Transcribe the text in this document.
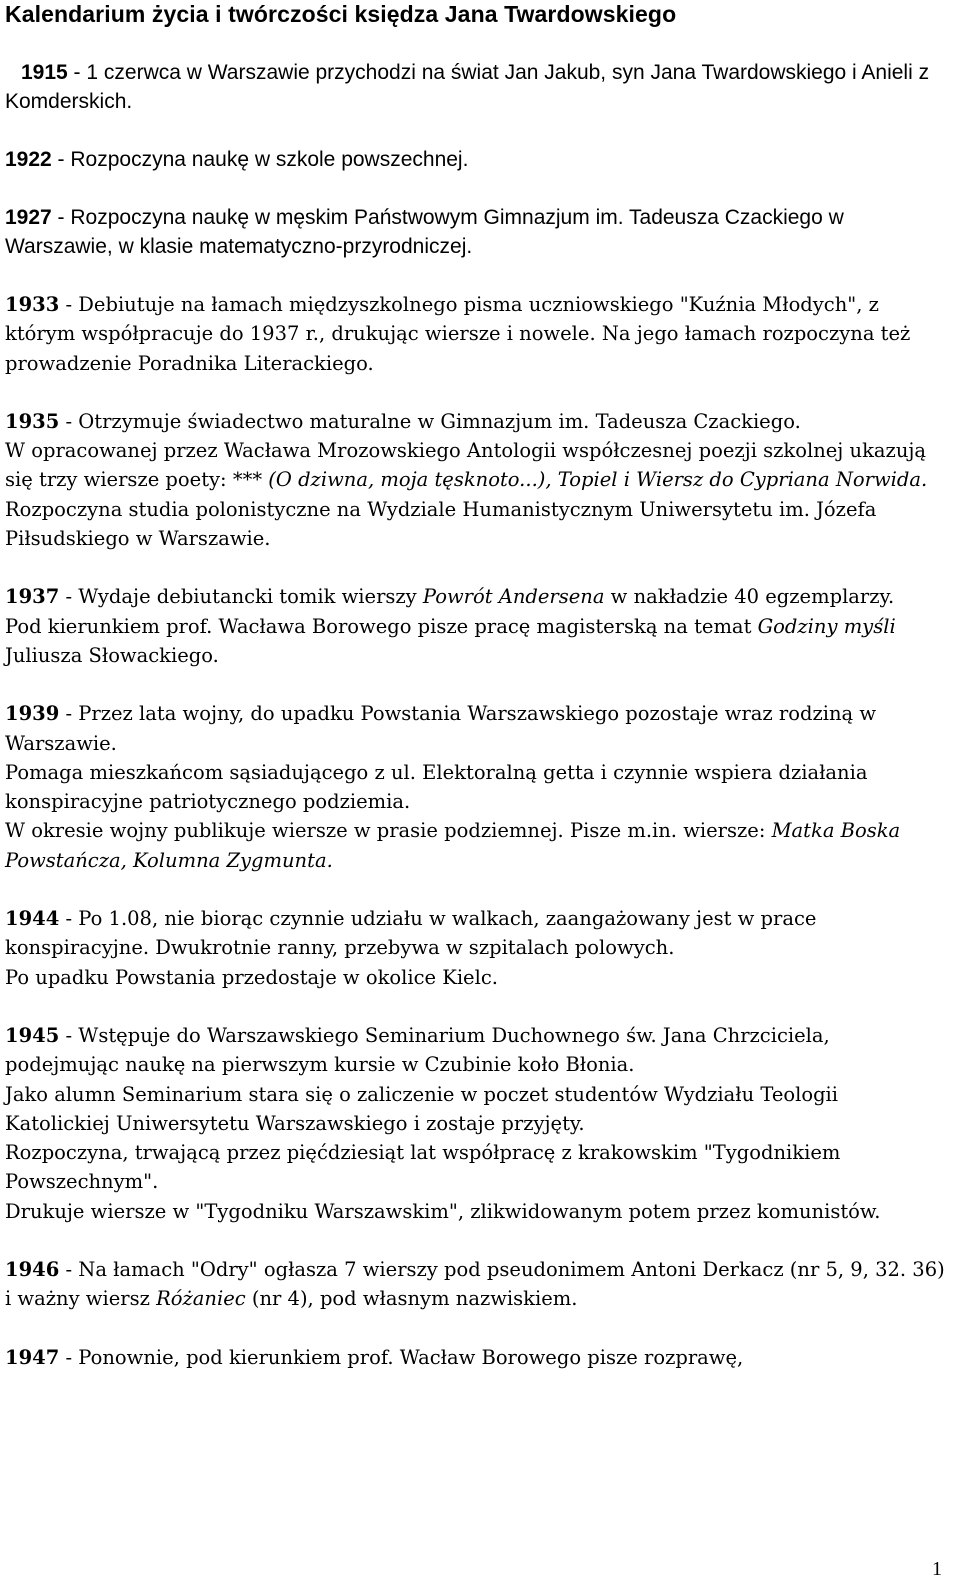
Kalendarium życia i twórczości księdza Jana Twardowskiego

1915 - 1 czerwca w Warszawie przychodzi na świat Jan Jakub, syn Jana Twardowskiego i Anieli z Komderskich.

1922 - Rozpoczyna naukę w szkole powszechnej.

1927 - Rozpoczyna naukę w męskim Państwowym Gimnazjum im. Tadeusza Czackiego w Warszawie, w klasie matematyczno-przyrodniczej.

1933 - Debiutuje na łamach międzyszkolnego pisma uczniowskiego "Kuźnia Młodych", z którym współpracuje do 1937 r., drukując wiersze i nowele. Na jego łamach rozpoczyna też prowadzenie Poradnika Literackiego.

1935 - Otrzymuje świadectwo maturalne w Gimnazjum im. Tadeusza Czackiego.

W opracowanej przez Wacława Mrozowskiego Antologii współczesnej poezji szkolnej ukazują się trzy wiersze poety: *** (O dziwna, moja tęsknoto...), Topiel i Wiersz do Cypriana Norwida.

Rozpoczyna studia polonistyczne na Wydziale Humanistycznym Uniwersytetu im. Józefa Piłsudskiego w Warszawie.

1937 - Wydaje debiutancki tomik wierszy Powrót Andersena w nakładzie 40 egzemplarzy.

Pod kierunkiem prof. Wacława Borowego pisze pracę magisterską na temat Godziny myśli Juliusza Słowackiego.

1939 - Przez lata wojny, do upadku Powstania Warszawskiego pozostaje wraz rodziną w Warszawie.

Pomaga mieszkańcom sąsiadującego z ul. Elektoralną getta i czynnie wspiera działania konspiracyjne patriotycznego podziemia.

W okresie wojny publikuje wiersze w prasie podziemnej. Pisze m.in. wiersze: Matka Boska Powstańcza, Kolumna Zygmunta.

1944 - Po 1.08, nie biorąc czynnie udziału w walkach, zaangażowany jest w prace konspiracyjne. Dwukrotnie ranny, przebywa w szpitalach polowych.

Po upadku Powstania przedostaje w okolice Kielc.

1945 - Wstępuje do Warszawskiego Seminarium Duchownego św. Jana Chrzciciela, podejmując naukę na pierwszym kursie w Czubinie koło Błonia.

Jako alumn Seminarium stara się o zaliczenie w poczet studentów Wydziału Teologii Katolickiej Uniwersytetu Warszawskiego i zostaje przyjęty.

Rozpoczyna, trwającą przez pięćdziesiąt lat współpracę z krakowskim "Tygodnikiem Powszechnym".

Drukuje wiersze w "Tygodniku Warszawskim", zlikwidowanym potem przez komunistów.

1946 - Na łamach "Odry" ogłasza 7 wierszy pod pseudonimem Antoni Derkacz (nr 5, 9, 32. 36) i ważny wiersz Różaniec (nr 4), pod własnym nazwiskiem.

1947 - Ponownie, pod kierunkiem prof. Wacław Borowego pisze rozprawę,

1
